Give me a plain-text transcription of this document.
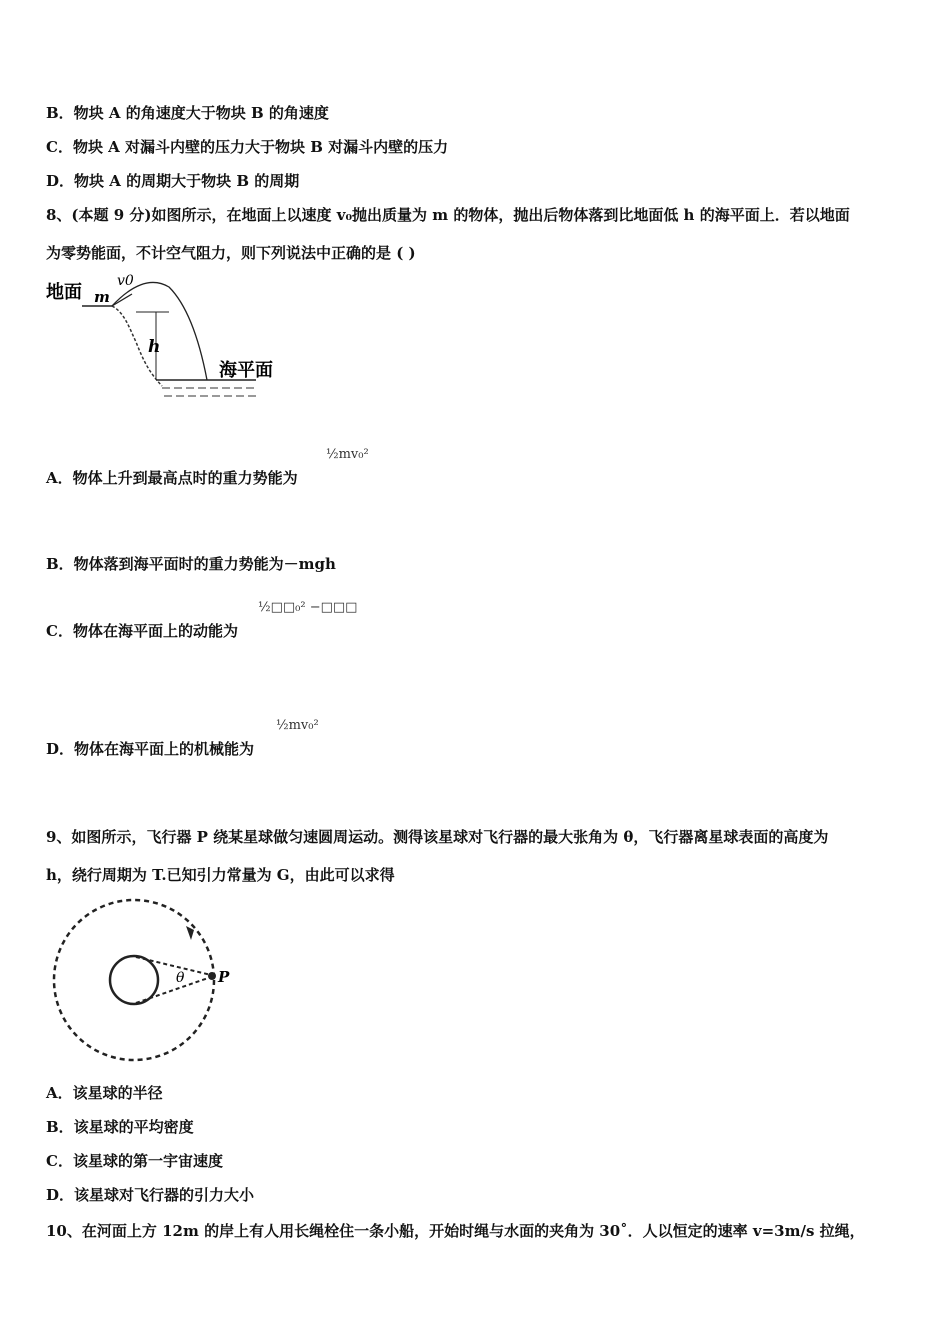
B．物块 A 的角速度大于物块 B 的角速度
C．物块 A 对漏斗内壁的压力大于物块 B 对漏斗内壁的压力
D．物块 A 的周期大于物块 B 的周期
8、(本题 9 分)如图所示，在地面上以速度 v₀抛出质量为 m 的物体，抛出后物体落到比地面低 h 的海平面上．若以地面
为零势能面，不计空气阻力，则下列说法中正确的是 ( )
地面 m
v0
h
海平面
A．物体上升到最高点时的重力势能为
½mv₀²
B．物体落到海平面时的重力势能为－mgh
C．物体在海平面上的动能为
½□□₀² −□□□
D．物体在海平面上的机械能为
½mv₀²
9、如图所示，飞行器 P 绕某星球做匀速圆周运动。测得该星球对飞行器的最大张角为 θ，飞行器离星球表面的高度为
h，绕行周期为 T.已知引力常量为 G，由此可以求得
θ P
A．该星球的半径
B．该星球的平均密度
C．该星球的第一宇宙速度
D．该星球对飞行器的引力大小
10、在河面上方 12m 的岸上有人用长绳栓住一条小船，开始时绳与水面的夹角为 30˚．人以恒定的速率 v=3m/s 拉绳，
